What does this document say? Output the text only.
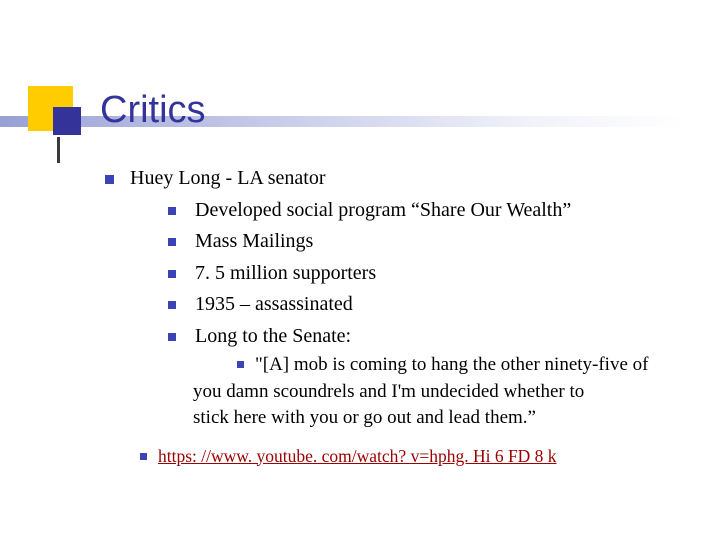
Critics
Huey Long - LA senator
Developed social program “Share Our Wealth”
Mass Mailings
7. 5 million supporters
1935 – assassinated
Long to the Senate:
"[A] mob is coming to hang the other ninety-five of
you damn scoundrels and I'm undecided whether to
stick here with you or go out and lead them.”
https: //www. youtube. com/watch? v=hphg. Hi 6 FD 8 k
